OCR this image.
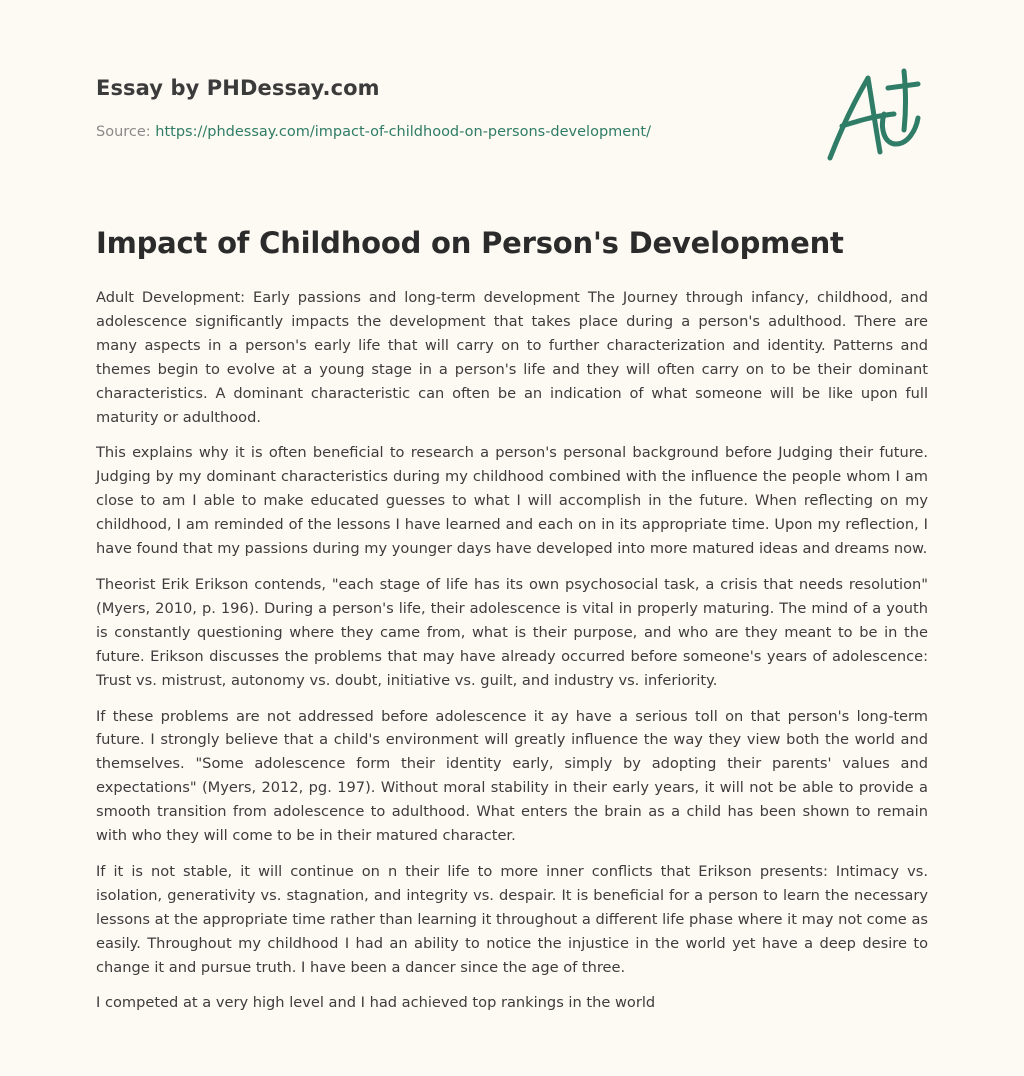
Essay by PHDessay.com

Source: https://phdessay.com/impact-of-childhood-on-persons-development/

Impact of Childhood on Person's Development

Adult Development: Early passions and long-term development The Journey through infancy, childhood, and adolescence significantly impacts the development that takes place during a person's adulthood. There are many aspects in a person's early life that will carry on to further characterization and identity. Patterns and themes begin to evolve at a young stage in a person's life and they will often carry on to be their dominant characteristics. A dominant characteristic can often be an indication of what someone will be like upon full maturity or adulthood.

This explains why it is often beneficial to research a person's personal background before Judging their future. Judging by my dominant characteristics during my childhood combined with the influence the people whom I am close to am I able to make educated guesses to what I will accomplish in the future. When reflecting on my childhood, I am reminded of the lessons I have learned and each on in its appropriate time. Upon my reflection, I have found that my passions during my younger days have developed into more matured ideas and dreams now.

Theorist Erik Erikson contends, "each stage of life has its own psychosocial task, a crisis that needs resolution" (Myers, 2010, p. 196). During a person's life, their adolescence is vital in properly maturing. The mind of a youth is constantly questioning where they came from, what is their purpose, and who are they meant to be in the future. Erikson discusses the problems that may have already occurred before someone's years of adolescence: Trust vs. mistrust, autonomy vs. doubt, initiative vs. guilt, and industry vs. inferiority.

If these problems are not addressed before adolescence it ay have a serious toll on that person's long-term future. I strongly believe that a child's environment will greatly influence the way they view both the world and themselves. "Some adolescence form their identity early, simply by adopting their parents' values and expectations" (Myers, 2012, pg. 197). Without moral stability in their early years, it will not be able to provide a smooth transition from adolescence to adulthood. What enters the brain as a child has been shown to remain with who they will come to be in their matured character.

If it is not stable, it will continue on n their life to more inner conflicts that Erikson presents: Intimacy vs. isolation, generativity vs. stagnation, and integrity vs. despair. It is beneficial for a person to learn the necessary lessons at the appropriate time rather than learning it throughout a different life phase where it may not come as easily. Throughout my childhood I had an ability to notice the injustice in the world yet have a deep desire to change it and pursue truth. I have been a dancer since the age of three.

I competed at a very high level and I had achieved top rankings in the world
